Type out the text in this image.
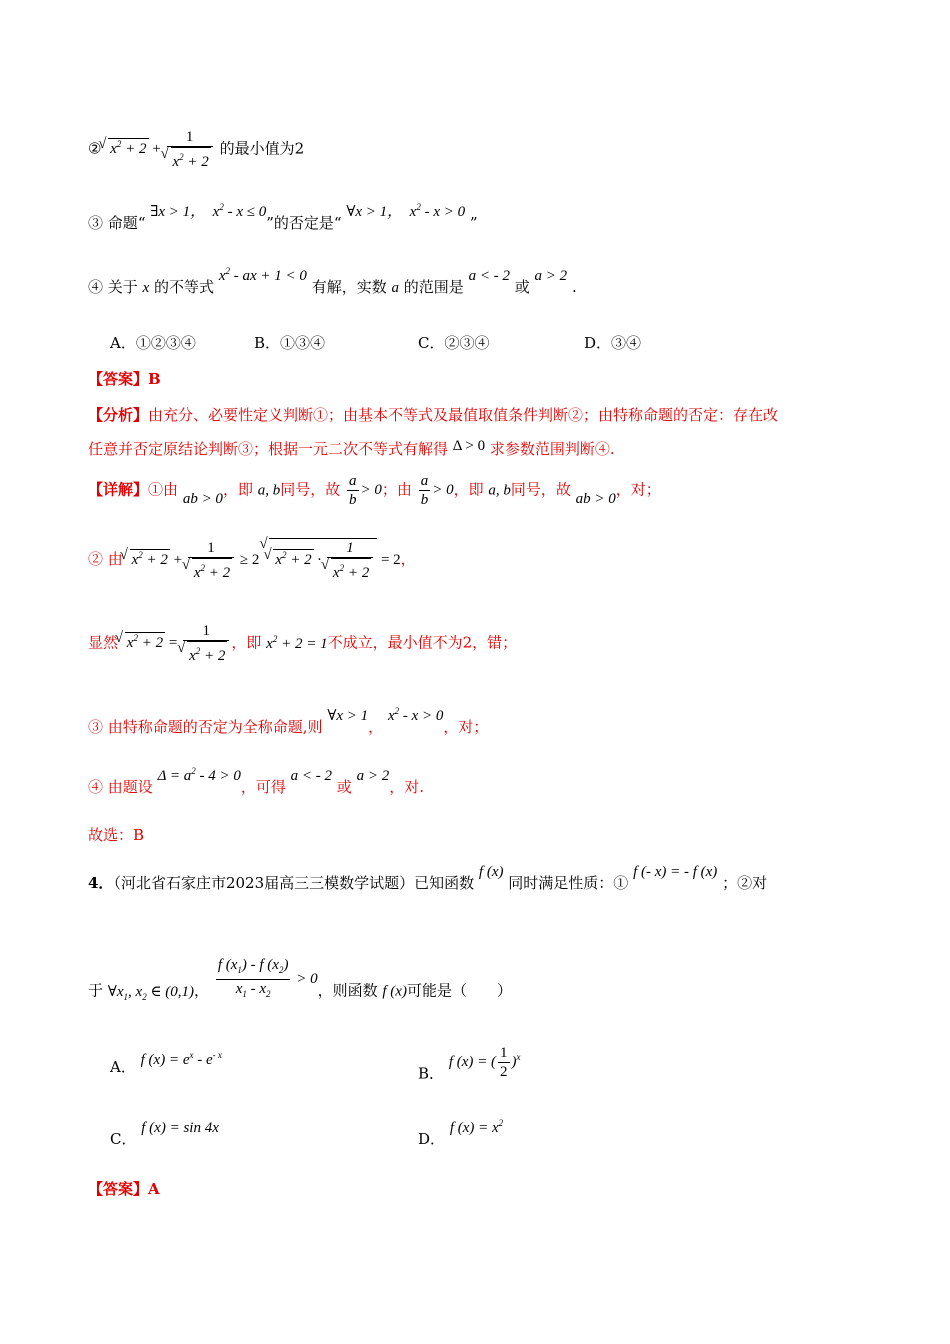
② √ $x^2 + 2 + 1$
√ $x^2 + 2$ 的最小值为2
③ 命题“ ∃x > 1，  $x^2 - x \le 0$”的否定是“ ∀x > 1，  $x^2 - x > 0$ ”
④ 关于 x 的不等式 $x^2$ - ax + 1 < 0 有解，实数 a 的范围是 a < - 2 或 a > 2 .
A．①②③④	B．①③④	C．②③④	D．③④
【答案】B
【分析】由充分、必要性定义判断①；由基本不等式及最值取值条件判断②；由特称命题的否定：存在改
任意并否定原结论判断③；根据一元二次不等式有解得 Δ > 0 求参数范围判断④.
【详解】①由 ab > 0，即 a, b同号，故 $\frac{a}{b} > 0$；由 $\frac{a}{b} > 0$，即 a, b同号，故 ab > 0，对；
② 由 √ $x^2 + 2 + 1$
√ $x^2 + 2 \ge 2√$ √ $x^2 + 2 \cdot 1$
√ $x^2 + 2 = 2$，
显然 √ $x^2 + 2 = 1$
√ $x^2 + 2$ ，即 $x^2 + 2 = 1$不成立，最小值不为2，错；
③ 由特称命题的否定为全称命题,则 ∀x > 1， $x^2 - x > 0$，对；
④ 由题设 $\Delta = a^2 - 4 > 0$，可得 a < - 2 或 a > 2，对.
故选：B
4．（河北省石家庄市2023届高三三模数学试题）已知函数 f (x) 同时满足性质：① f (- x) = - f (x) ；②对
于 $\forall x_1$, $x_2$ ∈ (0,1)， $\frac{f (x_1) - f (x_2)}{x_1 - x_2} > 0$，则函数 f (x)可能是（　　）
A． f $(x) = e^x - e^{- x}$
B． f (x) = ( $\frac{1}{2} )^x$
C． f (x) = sin 4x
D． f $(x) = x^2$
【答案】A
